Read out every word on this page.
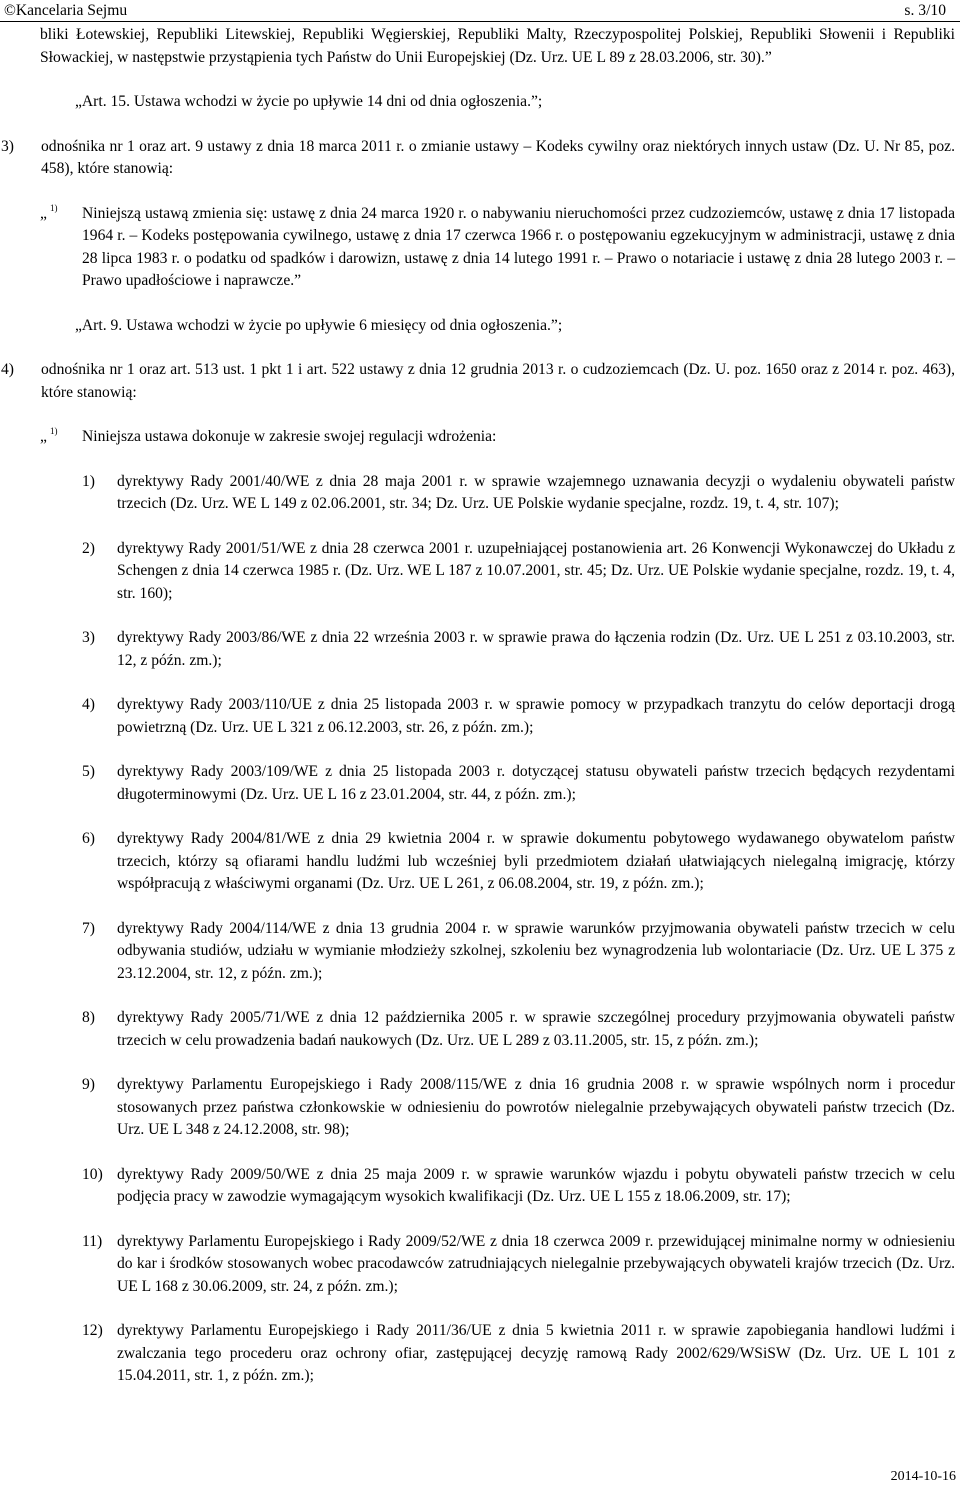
©Kancelaria Sejmu	s. 3/10

bliki Łotewskiej, Republiki Litewskiej, Republiki Węgierskiej, Republiki Malty, Rzeczypospolitej Polskiej, Republiki Słowenii i Republiki Słowackiej, w następstwie przystąpienia tych Państw do Unii Europejskiej (Dz. Urz. UE L 89 z 28.03.2006, str. 30).”

„Art. 15. Ustawa wchodzi w życie po upływie 14 dni od dnia ogłoszenia.”;

3)	odnośnika nr 1 oraz art. 9 ustawy z dnia 18 marca 2011 r. o zmianie ustawy – Kodeks cywilny oraz niektórych innych ustaw (Dz. U. Nr 85, poz. 458), które stanowią:
„ 1) Niniejszą ustawą zmienia się: ustawę z dnia 24 marca 1920 r. o nabywaniu nieruchomości przez cudzoziemców, ustawę z dnia 17 listopada 1964 r. – Kodeks postępowania cywilnego, ustawę z dnia 17 czerwca 1966 r. o postępowaniu egzekucyjnym w administracji, ustawę z dnia 28 lipca 1983 r. o podatku od spadków i darowizn, ustawę z dnia 14 lutego 1991 r. – Prawo o notariacie i ustawę z dnia 28 lutego 2003 r. – Prawo upadłościowe i naprawcze.”

„Art. 9. Ustawa wchodzi w życie po upływie 6 miesięcy od dnia ogłoszenia.”;

4)	odnośnika nr 1 oraz art. 513 ust. 1 pkt 1 i art. 522 ustawy z dnia 12 grudnia 2013 r. o cudzoziemcach (Dz. U. poz. 1650 oraz z 2014 r. poz. 463), które stanowią:
„ 1) Niniejsza ustawa dokonuje w zakresie swojej regulacji wdrożenia:
1)	dyrektywy Rady 2001/40/WE z dnia 28 maja 2001 r. w sprawie wzajemnego uznawania decyzji o wydaleniu obywateli państw trzecich (Dz. Urz. WE L 149 z 02.06.2001, str. 34; Dz. Urz. UE Polskie wydanie specjalne, rozdz. 19, t. 4, str. 107);
2)	dyrektywy Rady 2001/51/WE z dnia 28 czerwca 2001 r. uzupełniającej postanowienia art. 26 Konwencji Wykonawczej do Układu z Schengen z dnia 14 czerwca 1985 r. (Dz. Urz. WE L 187 z 10.07.2001, str. 45; Dz. Urz. UE Polskie wydanie specjalne, rozdz. 19, t. 4, str. 160);
3)	dyrektywy Rady 2003/86/WE z dnia 22 września 2003 r. w sprawie prawa do łączenia rodzin (Dz. Urz. UE L 251 z 03.10.2003, str. 12, z późn. zm.);
4)	dyrektywy Rady 2003/110/UE z dnia 25 listopada 2003 r. w sprawie pomocy w przypadkach tranzytu do celów deportacji drogą powietrzną (Dz. Urz. UE L 321 z 06.12.2003, str. 26, z późn. zm.);
5)	dyrektywy Rady 2003/109/WE z dnia 25 listopada 2003 r. dotyczącej statusu obywateli państw trzecich będących rezydentami długoterminowymi (Dz. Urz. UE L 16 z 23.01.2004, str. 44, z późn. zm.);
6)	dyrektywy Rady 2004/81/WE z dnia 29 kwietnia 2004 r. w sprawie dokumentu pobytowego wydawanego obywatelom państw trzecich, którzy są ofiarami handlu ludźmi lub wcześniej byli przedmiotem działań ułatwiających nielegalną imigrację, którzy współpracują z właściwymi organami (Dz. Urz. UE L 261, z 06.08.2004, str. 19, z późn. zm.);
7)	dyrektywy Rady 2004/114/WE z dnia 13 grudnia 2004 r. w sprawie warunków przyjmowania obywateli państw trzecich w celu odbywania studiów, udziału w wymianie młodzieży szkolnej, szkoleniu bez wynagrodzenia lub wolontariacie (Dz. Urz. UE L 375 z 23.12.2004, str. 12, z późn. zm.);
8)	dyrektywy Rady 2005/71/WE z dnia 12 października 2005 r. w sprawie szczególnej procedury przyjmowania obywateli państw trzecich w celu prowadzenia badań naukowych (Dz. Urz. UE L 289 z 03.11.2005, str. 15, z późn. zm.);
9)	dyrektywy Parlamentu Europejskiego i Rady 2008/115/WE z dnia 16 grudnia 2008 r. w sprawie wspólnych norm i procedur stosowanych przez państwa członkowskie w odniesieniu do powrotów nielegalnie przebywających obywateli państw trzecich (Dz. Urz. UE L 348 z 24.12.2008, str. 98);
10) dyrektywy Rady 2009/50/WE z dnia 25 maja 2009 r. w sprawie warunków wjazdu i pobytu obywateli państw trzecich w celu podjęcia pracy w zawodzie wymagającym wysokich kwalifikacji (Dz. Urz. UE L 155 z 18.06.2009, str. 17);
11) dyrektywy Parlamentu Europejskiego i Rady 2009/52/WE z dnia 18 czerwca 2009 r. przewidującej minimalne normy w odniesieniu do kar i środków stosowanych wobec pracodawców zatrudniających nielegalnie przebywających obywateli krajów trzecich (Dz. Urz. UE L 168 z 30.06.2009, str. 24, z późn. zm.);
12) dyrektywy Parlamentu Europejskiego i Rady 2011/36/UE z dnia 5 kwietnia 2011 r. w sprawie zapobiegania handlowi ludźmi i zwalczania tego procederu oraz ochrony ofiar, zastępującej decyzję ramową Rady 2002/629/WSiSW (Dz. Urz. UE L 101 z 15.04.2011, str. 1, z późn. zm.);
2014-10-16
